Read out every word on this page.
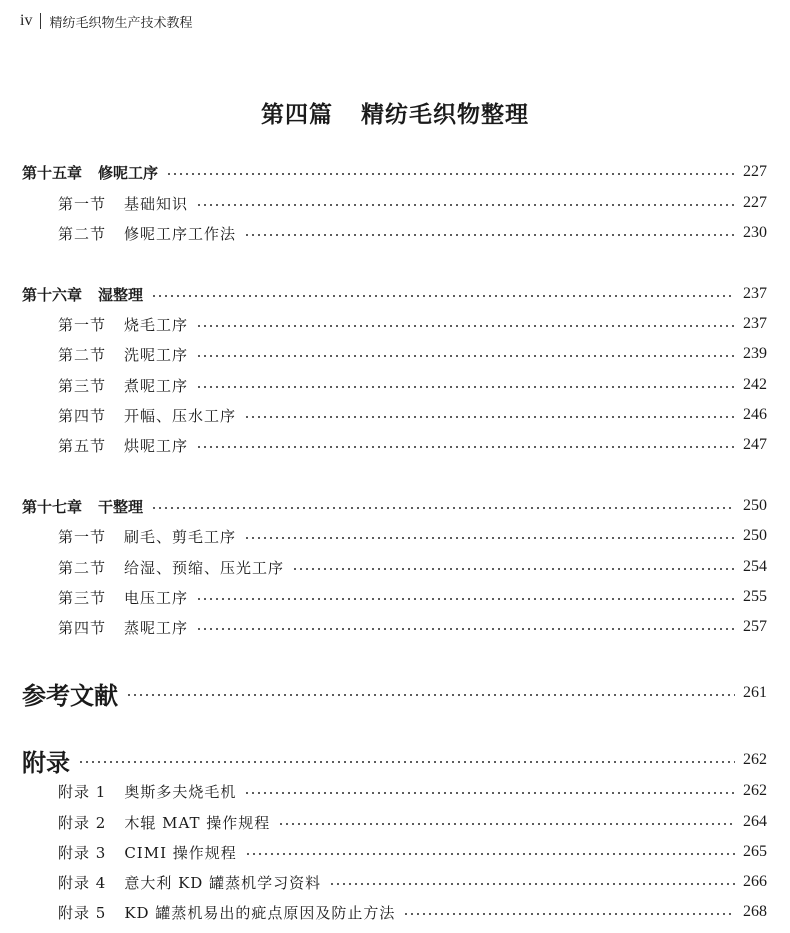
iv 精纺毛织物生产技术教程
第四篇 精纺毛织物整理
第十五章 修呢工序	227
第一节 基础知识	227
第二节 修呢工序工作法	230
第十六章 湿整理	237
第一节 烧毛工序	237
第二节 洗呢工序	239
第三节 煮呢工序	242
第四节 开幅、压水工序	246
第五节 烘呢工序	247
第十七章 干整理	250
第一节 刷毛、剪毛工序	250
第二节 给湿、预缩、压光工序	254
第三节 电压工序	255
第四节 蒸呢工序	257
参考文献	261
附录	262
附录 1 奥斯多夫烧毛机	262
附录 2 木辊 MAT 操作规程	264
附录 3 CIMI 操作规程	265
附录 4 意大利 KD 罐蒸机学习资料	266
附录 5 KD 罐蒸机易出的疵点原因及防止方法	268
